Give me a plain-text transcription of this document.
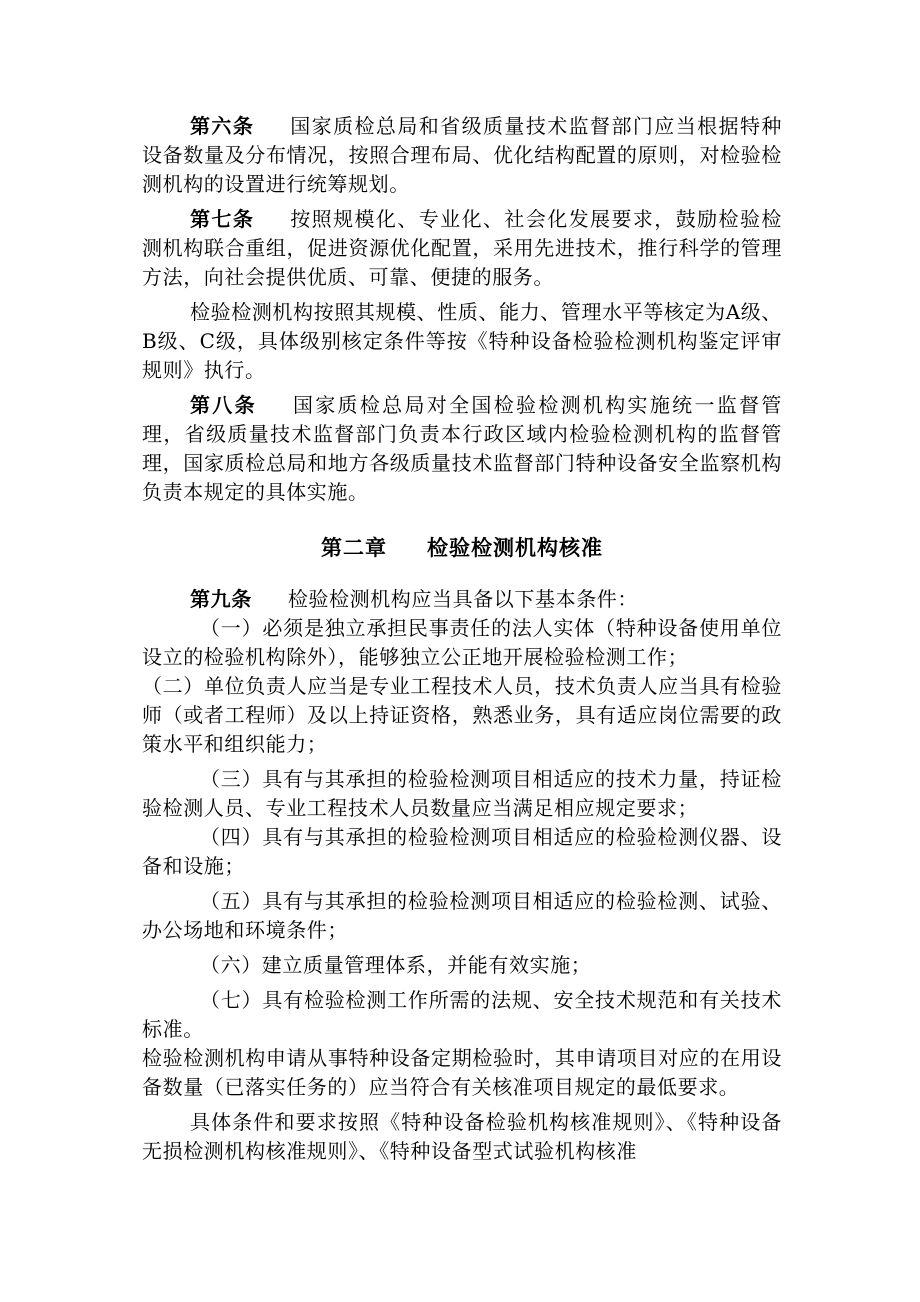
第六条 国家质检总局和省级质量技术监督部门应当根据特种设备数量及分布情况，按照合理布局、优化结构配置的原则，对检验检测机构的设置进行统筹规划。

第七条 按照规模化、专业化、社会化发展要求，鼓励检验检测机构联合重组，促进资源优化配置，采用先进技术，推行科学的管理方法，向社会提供优质、可靠、便捷的服务。

检验检测机构按照其规模、性质、能力、管理水平等核定为A级、B级、C级，具体级别核定条件等按《特种设备检验检测机构鉴定评审规则》执行。

第八条 国家质检总局对全国检验检测机构实施统一监督管理，省级质量技术监督部门负责本行政区域内检验检测机构的监督管理，国家质检总局和地方各级质量技术监督部门特种设备安全监察机构负责本规定的具体实施。

第二章 检验检测机构核准

第九条 检验检测机构应当具备以下基本条件：

（一）必须是独立承担民事责任的法人实体（特种设备使用单位设立的检验机构除外），能够独立公正地开展检验检测工作；

（二）单位负责人应当是专业工程技术人员，技术负责人应当具有检验师（或者工程师）及以上持证资格，熟悉业务，具有适应岗位需要的政策水平和组织能力；

（三）具有与其承担的检验检测项目相适应的技术力量，持证检验检测人员、专业工程技术人员数量应当满足相应规定要求；

（四）具有与其承担的检验检测项目相适应的检验检测仪器、设备和设施；

（五）具有与其承担的检验检测项目相适应的检验检测、试验、办公场地和环境条件；

（六）建立质量管理体系，并能有效实施；

（七）具有检验检测工作所需的法规、安全技术规范和有关技术标准。

检验检测机构申请从事特种设备定期检验时，其申请项目对应的在用设备数量（已落实任务的）应当符合有关核准项目规定的最低要求。

具体条件和要求按照《特种设备检验机构核准规则》、《特种设备无损检测机构核准规则》、《特种设备型式试验机构核准
